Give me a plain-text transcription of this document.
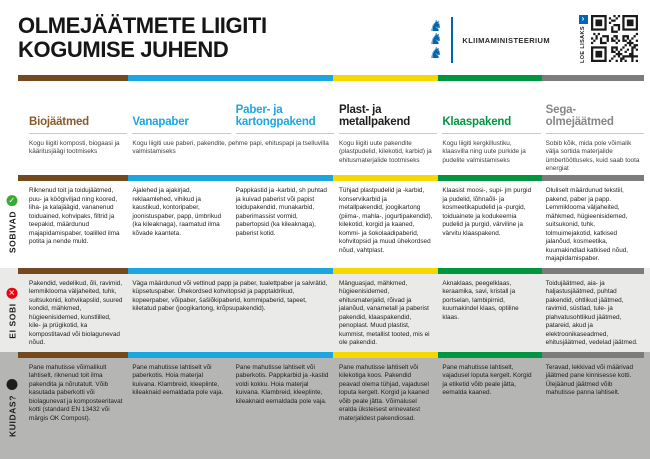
OLMEJÄÄTMETE LIIGITI
KOGUMISE JUHEND
♞
♞
♞
KLIIMAMINISTEERIUM
›
LOE LISAKS
Biojäätmed	Vanapaber
Paber- ja kartongpakend
Plast- ja metallpakend	Klaaspakend
Sega-olmejäätmed
Kogu liigiti komposti, biogaasi ja kääritusjäägi tootmiseks
Kogu liigiti uue paberi, pakendite, pehme papi, ehituspapi ja tselluvilla valmistamiseks
Kogu liigiti uute pakendite (plastpudelid, kilekotid, karbid) ja ehitusmaterjalide tootmiseks
Kogu liigiti kergkillustiku, klaasvilla ning uute purkide ja pudelite valmistamiseks
Sobib kõik, mida pole võimalik välja sortida materjalide ümbertöötluseks, kuid saab toota energiat
SOBIVAD
✓
Riknenud toit ja toidujäätmed, puu- ja köögiviljad ning koored, liha- ja kalajäägid, vananenud toiduained, kohvipaks, filtrid ja teepakid, määrdunud majapidamispaber, toalilled ilma potita ja nende muld.
Ajalehed ja ajakirjad, reklaamlehed, vihikud ja kaustikud, kontoripaber, joonistuspaber, papp, ümbrikud (ka kileaknaga), raamatud ilma kõvade kaanteta.
Pappkastid ja -karbid, sh puhtad ja kuivad paberist või papist toidupakendid, munakarbid, paberimassist vormid, pabertopsid (ka kileaknaga), paberist kotid.
Tühjad plastpudelid ja -karbid, konservikarbid ja metallpakendid, joogikartong (piima-, mahla-, jogurtipakendid), kilekotid, korgid ja kaaned, kommi- ja šokolaadipaberid, kohvitopsid ja muud ühekordsed nõud, vahtplast.
Klaasist moosi-, supi- jm purgid ja pudelid, lõhnaõli- ja kosmeetikapudelid ja -purgid, toiduainete ja kodukeemia pudelid ja purgid, värviline ja värvitu klaaspakend.
Oluliselt määrdunud tekstiil, pakend, paber ja papp. Lemmiklooma väljaheited, mähkmed, hügieenisidemed, suitsukonid, tuhk, tolmuimejakotid, katkised jalanõud, kosmeetika, kuumakindlad katkised nõud, majapidamispaber.
EI SOBI
✕
Pakendid, vedelikud, õli, ravimid, lemmiklooma väljaheited, tuhk, suitsukonid, kohvikapslid, suured kondid, mähkmed, hügieenisidemed, kunstlilled, kile- ja prügikotid, ka kompostitavad või biolagunevad nõud.
Väga määrdunud või vettinud papp ja paber, tualettpaber ja salvrätid, küpsetuspaber. Ühekordsed kohvitopsid ja papptaldrikud, kopeerpaber, võipaber, šašlõkipaberid, kommipaberid, tapeet, kiletatud paber (joogikartong, krõpsupakendid).
Mänguasjad, mähkmed, hügieenisidemed, ehitusmaterjalid, rõivad ja jalanõud, vanametall ja paberist pakendid, klaaspakendid, penoplast. Muud plastist, kummist, metallist tooted, mis ei ole pakendid.
Aknaklaas, peegelklaas, keraamika, savi, kristall ja portselan, lambipirnid, kuumakindel klaas, optiline klaas.
Toidujäätmed, aia- ja haljastusjäätmed, puhtad pakendid, ohtlikud jäätmed, ravimid, süstlad, tule- ja plahvatusohtlikud jäätmed, patareid, akud ja elektroonikaseadmed, ehitusjäätmed, vedelad jäätmed.
KUIDAS?
Pane mahutisse võimalikult lahtiselt, riknenud toit ilma pakendita ja nõrutatult. Võib kasutada paberkotti või biolagunevat ja komposteeritavat kotti (standard EN 13432 või märgis OK Compost).
Pane mahutisse lahtiselt või paberkotis. Hoia materjal kuivana. Klambreid, kleeplinte, kileaknaid eemaldada pole vaja.
Pane mahutisse lahtiselt või paberkotis. Pappkarbid ja -kastid voldi kokku. Hoia materjal kuivana. Klambreid, kleeplinte, kileaknaid eemaldada pole vaja.
Pane mahutisse lahtiselt või kilekotiga koos. Pakendid peavad olema tühjad, vajadusel loputa kergelt. Korgid ja kaaned võib peale jätta. Võimalusel eralda üksteisest erinevatest materjalidest pakendiosad.
Pane mahutisse lahtiselt, vajadusel loputa kergelt. Korgid ja etiketid võib peale jätta, eemalda kaaned.
Teravad, lekkivad või määrivad jäätmed pane kinnisesse kotti. Ülejäänud jäätmed võib mahutisse panna lahtiselt.
